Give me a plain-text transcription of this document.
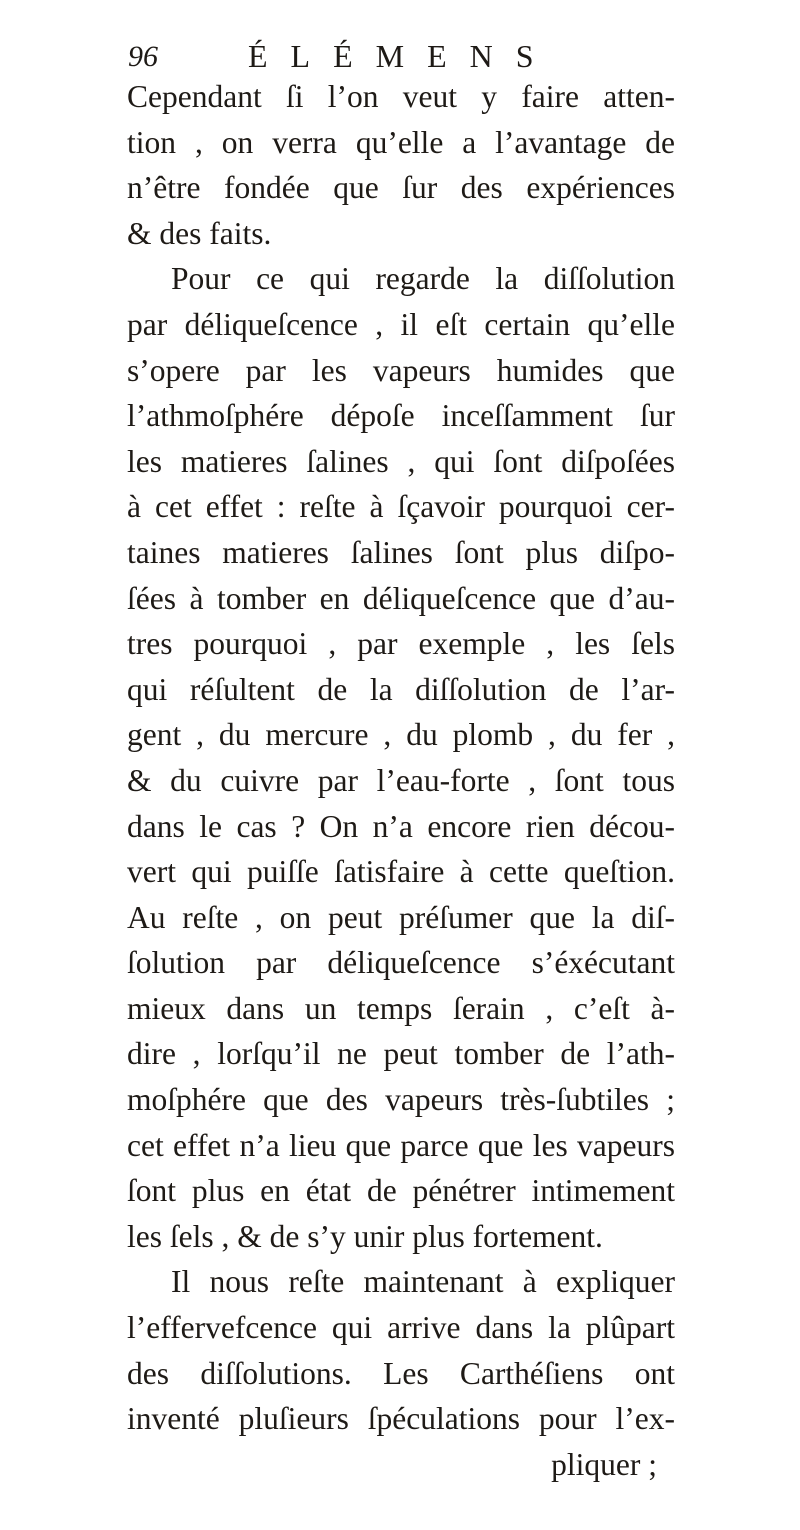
96	ÉLÉMENS
Cependant ſi l’on veut y faire atten-
tion , on verra qu’elle a l’avantage de
n’être fondée que ſur des expériences
& des faits.
Pour ce qui regarde la diſſolution
par déliqueſcence , il eſt certain qu’elle
s’opere par les vapeurs humides que
l’athmoſphére dépoſe inceſſamment ſur
les matieres ſalines , qui ſont diſpoſées
à cet effet : reſte à ſçavoir pourquoi cer-
taines matieres ſalines ſont plus diſpo-
ſées à tomber en déliqueſcence que d’au-
tres pourquoi , par exemple , les ſels
qui réſultent de la diſſolution de l’ar-
gent , du mercure , du plomb , du fer ,
& du cuivre par l’eau-forte , ſont tous
dans le cas ? On n’a encore rien décou-
vert qui puiſſe ſatisfaire à cette queſtion.
Au reſte , on peut préſumer que la diſ-
ſolution par déliqueſcence s’éxécutant
mieux dans un temps ſerain , c’eſt à-
dire , lorſqu’il ne peut tomber de l’ath-
moſphére que des vapeurs très-ſubtiles ;
cet effet n’a lieu que parce que les vapeurs
ſont plus en état de pénétrer intimement
les ſels , & de s’y unir plus fortement.
Il nous reſte maintenant à expliquer
l’effervefcence qui arrive dans la plûpart
des diſſolutions. Les Carthéſiens ont
inventé pluſieurs ſpéculations pour l’ex-
pliquer ;
